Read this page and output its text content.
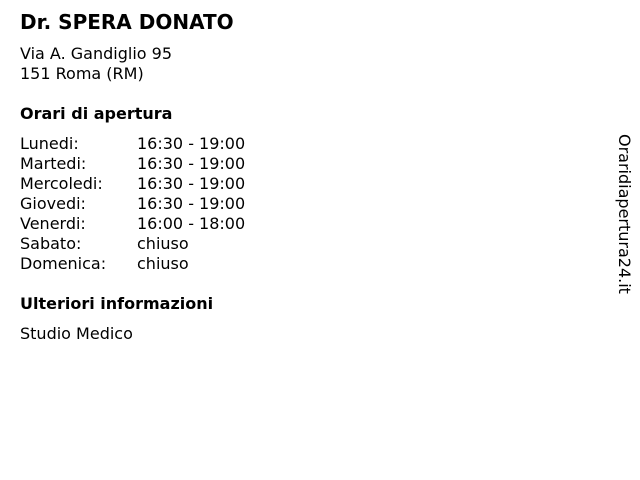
Dr. SPERA DONATO
Via A. Gandiglio 95
151 Roma (RM)
Orari di apertura
Lunedi:	16:30 - 19:00
Martedi:	16:30 - 19:00
Mercoledi: 16:30 - 19:00
Giovedi:	16:30 - 19:00
Venerdi:	16:00 - 18:00
Sabato:	chiuso
Domenica: chiuso
Ulteriori informazioni
Studio Medico
Oraridiapertura24.it
